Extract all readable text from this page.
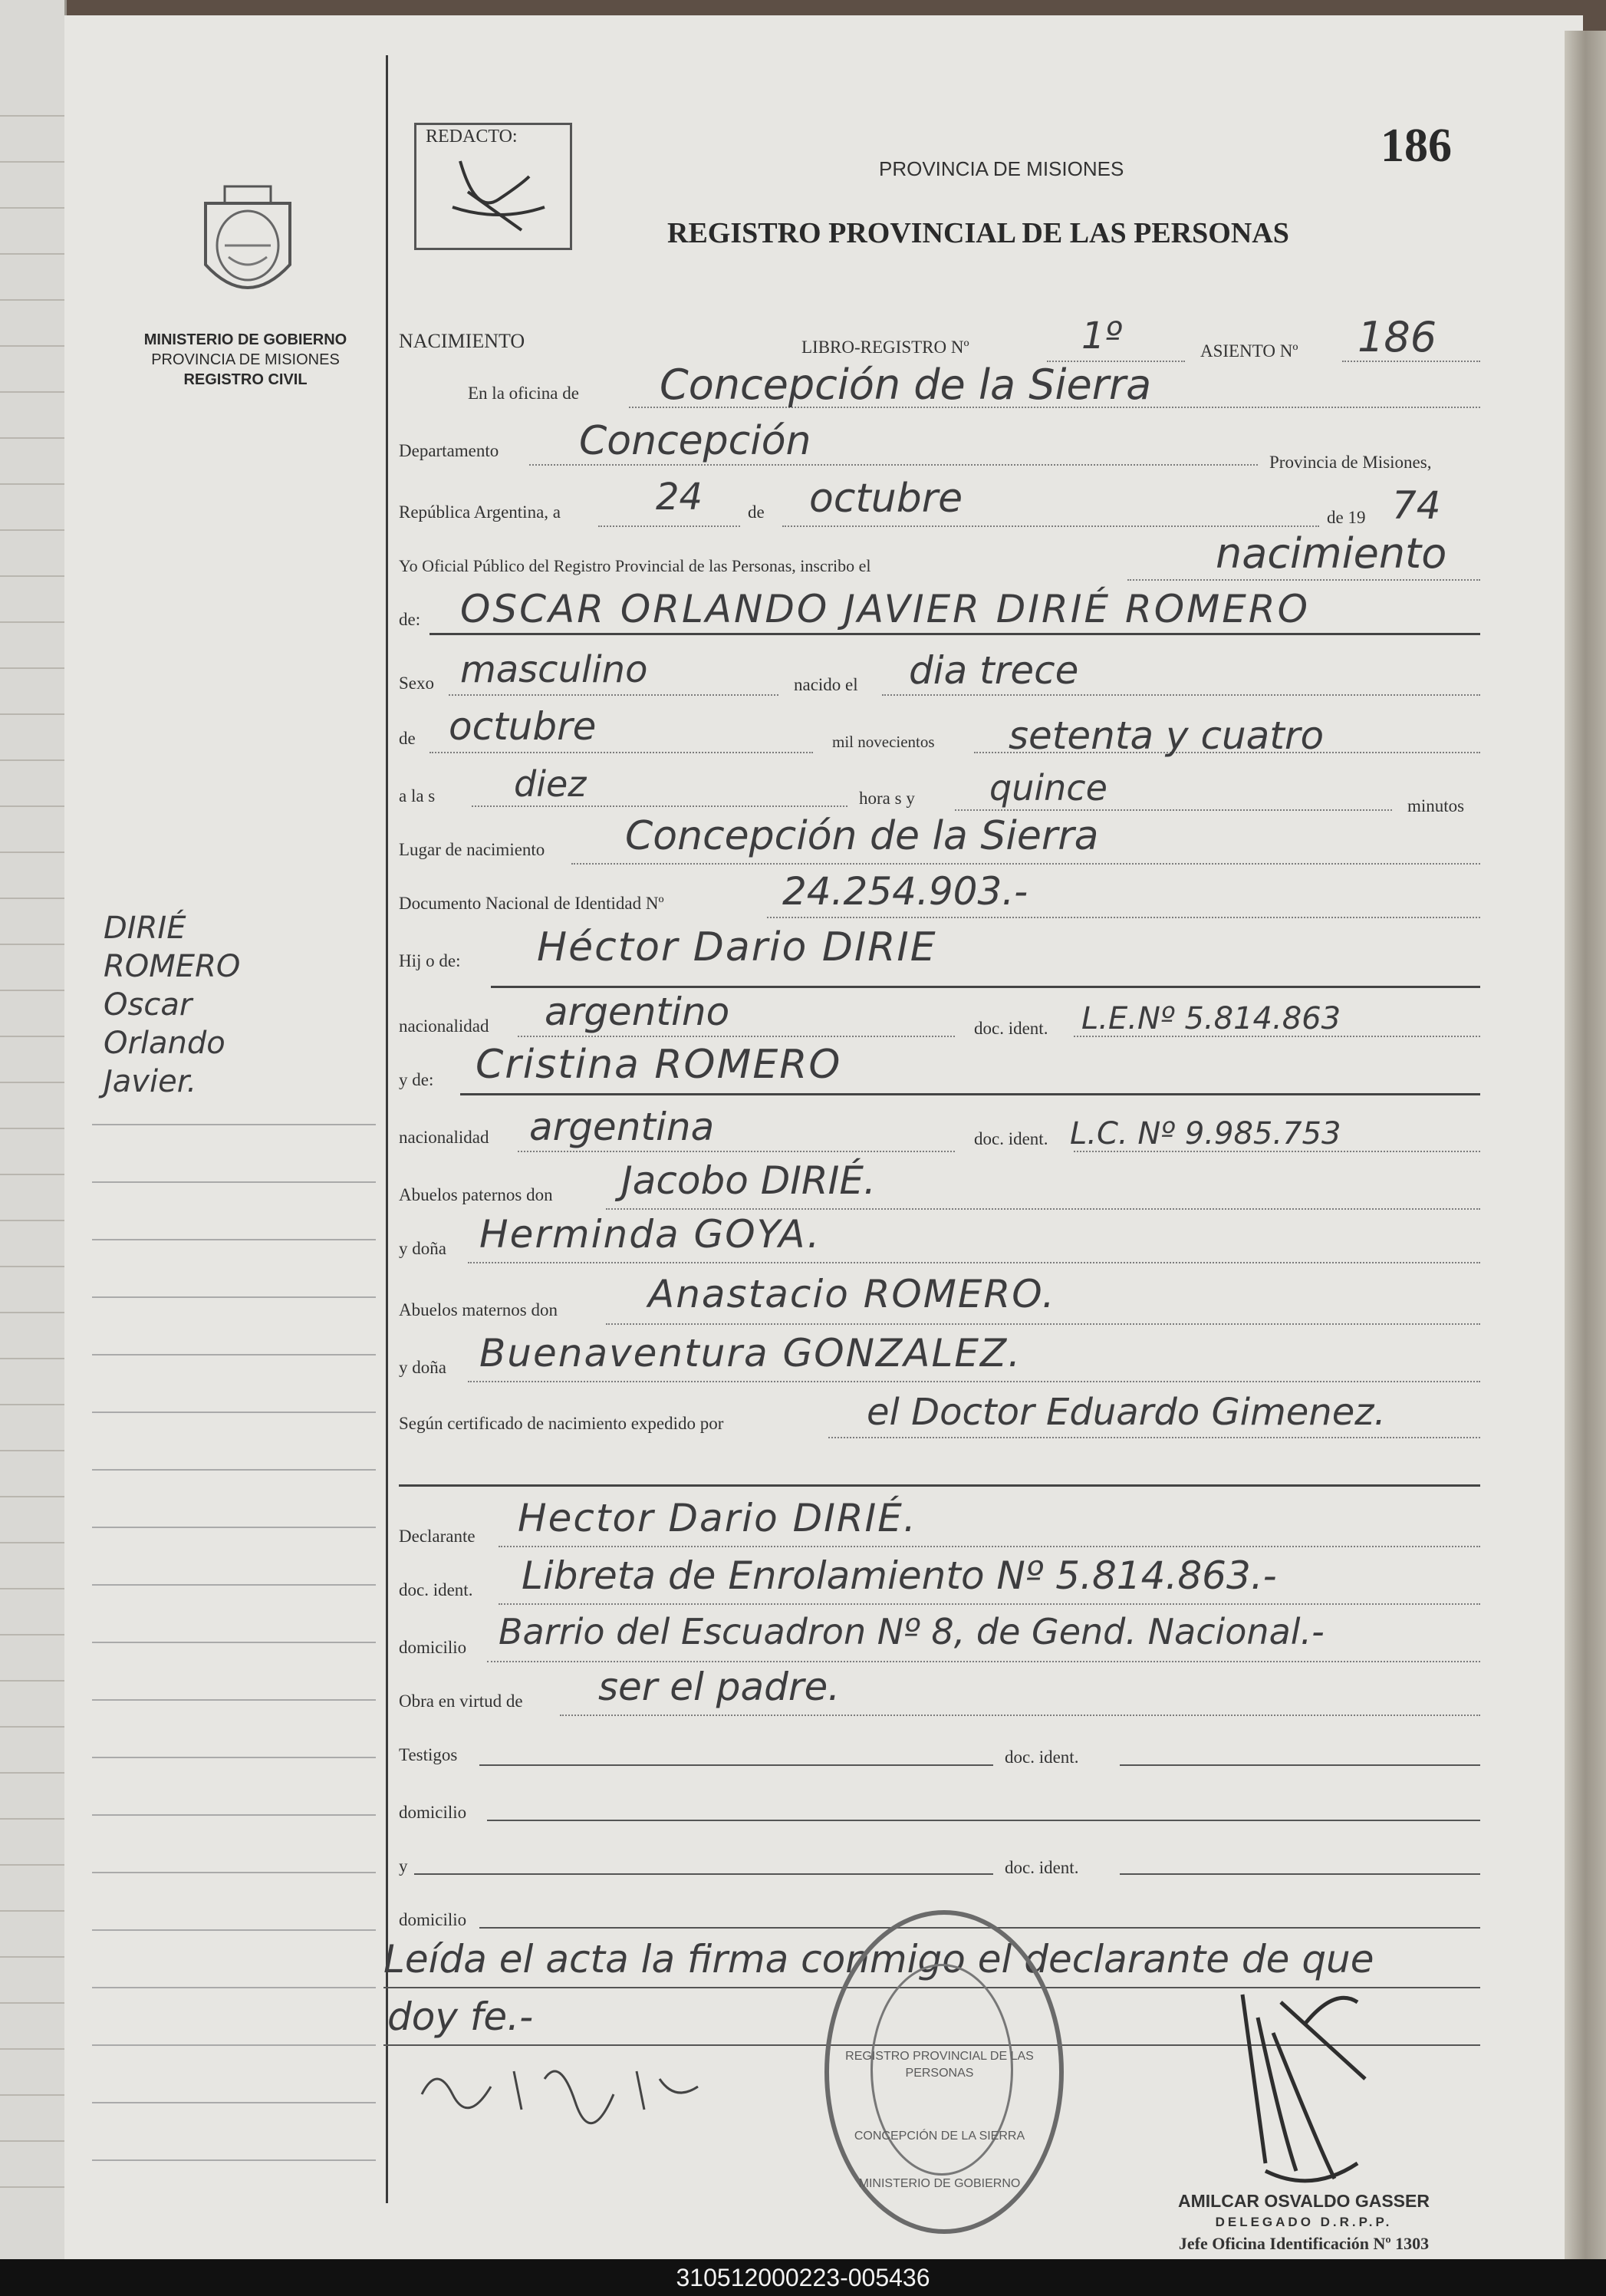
MINISTERIO DE GOBIERNO
PROVINCIA DE MISIONES
REGISTRO CIVIL
DIRIÉ
ROMERO
Oscar
Orlando
Javier.
REDACTO:
PROVINCIA DE MISIONES
REGISTRO PROVINCIAL DE LAS PERSONAS
186
NACIMIENTO	LIBRO-REGISTRO Nº	1º	ASIENTO Nº 186
En la oficina de Concepción de la Sierra
Departamento Concepción	Provincia de Misiones,
República Argentina, a	24	de octubre	de 19 74
Yo Oficial Público del Registro Provincial de las Personas, inscribo el	nacimiento
de: OSCAR ORLANDO JAVIER DIRIÉ ROMERO
Sexo masculino	nacido el dia trece
de octubre	mil novecientos setenta y cuatro
a la s diez	hora s y quince	minutos
Lugar de nacimiento Concepción de la Sierra
Documento Nacional de Identidad Nº	24.254.903.-
Hij o de: Héctor Dario DIRIE
nacionalidad argentino	doc. ident. L.E.Nº 5.814.863
y de: Cristina ROMERO
nacionalidad argentina	doc. ident. L.C. Nº 9.985.753
Abuelos paternos don Jacobo DIRIÉ.
y doña Herminda GOYA.
Abuelos maternos don Anastacio ROMERO.
y doña Buenaventura GONZALEZ.
Según certificado de nacimiento expedido por	el Doctor Eduardo Gimenez.
Declarante Hector Dario DIRIÉ.
doc. ident. Libreta de Enrolamiento Nº 5.814.863.-
domicilio Barrio del Escuadron Nº 8, de Gend. Nacional.-
Obra en virtud de ser el padre.
Testigos	doc. ident.
domicilio
y	doc. ident.
domicilio
Leída el acta la firma conmigo el declarante de que
doy fe.-
REGISTRO PROVINCIAL DE LAS PERSONAS
CONCEPCIÓN DE LA SIERRA
MINISTERIO DE GOBIERNO
AMILCAR OSVALDO GASSER
DELEGADO D.R.P.P.
Jefe Oficina Identificación Nº 1303
310512000223-005436
